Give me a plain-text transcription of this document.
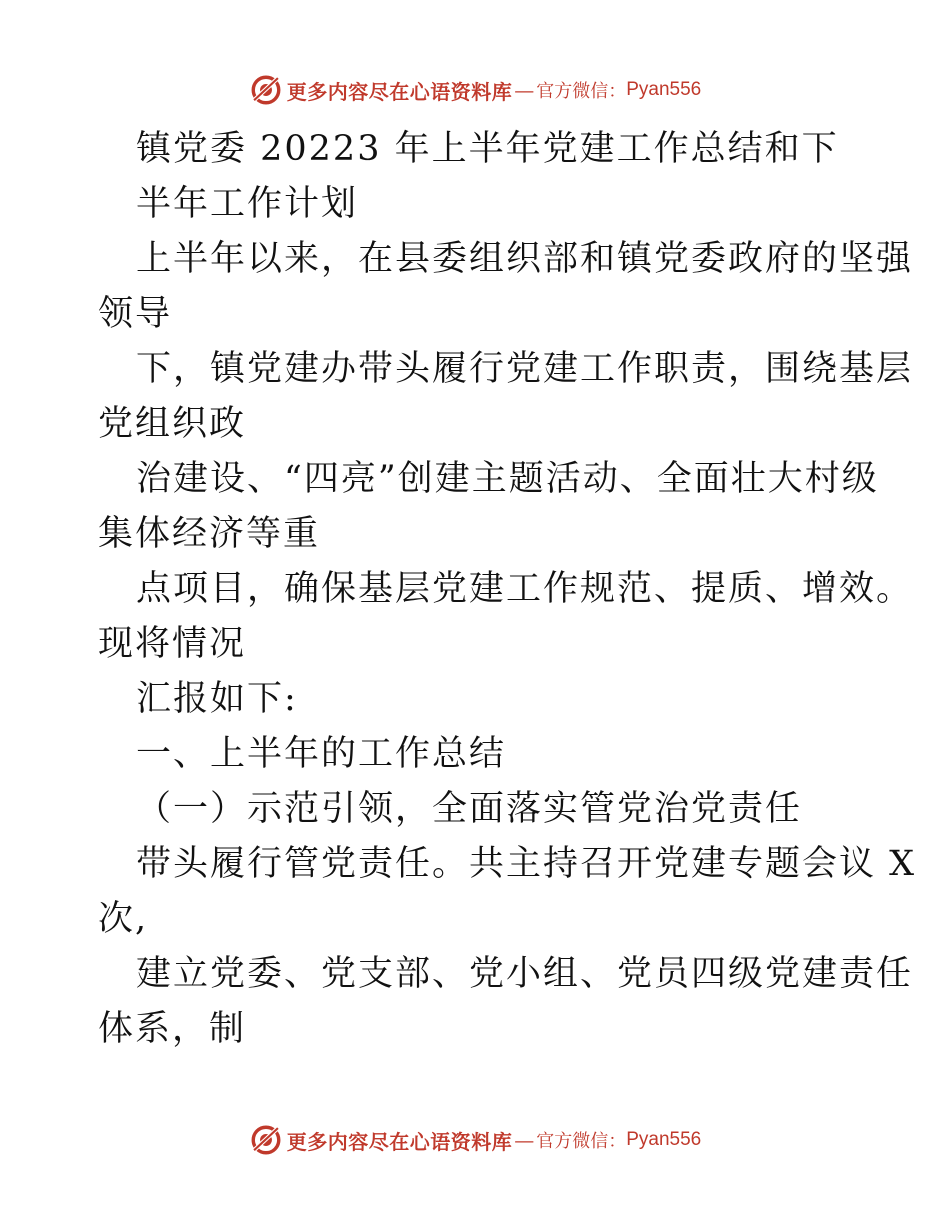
更多内容尽在心语资料库 — 官方微信： Pyan556
镇党委 20223 年上半年党建工作总结和下
半年工作计划
上半年以来，在县委组织部和镇党委政府的坚强
领导
下，镇党建办带头履行党建工作职责，围绕基层
党组织政
治建设、“四亮”创建主题活动、全面壮大村级
集体经济等重
点项目，确保基层党建工作规范、提质、增效。
现将情况
汇报如下:
一、上半年的工作总结
（一）示范引领，全面落实管党治党责任
带头履行管党责任。共主持召开党建专题会议 X
次,
建立党委、党支部、党小组、党员四级党建责任
体系，制
更多内容尽在心语资料库 — 官方微信： Pyan556
